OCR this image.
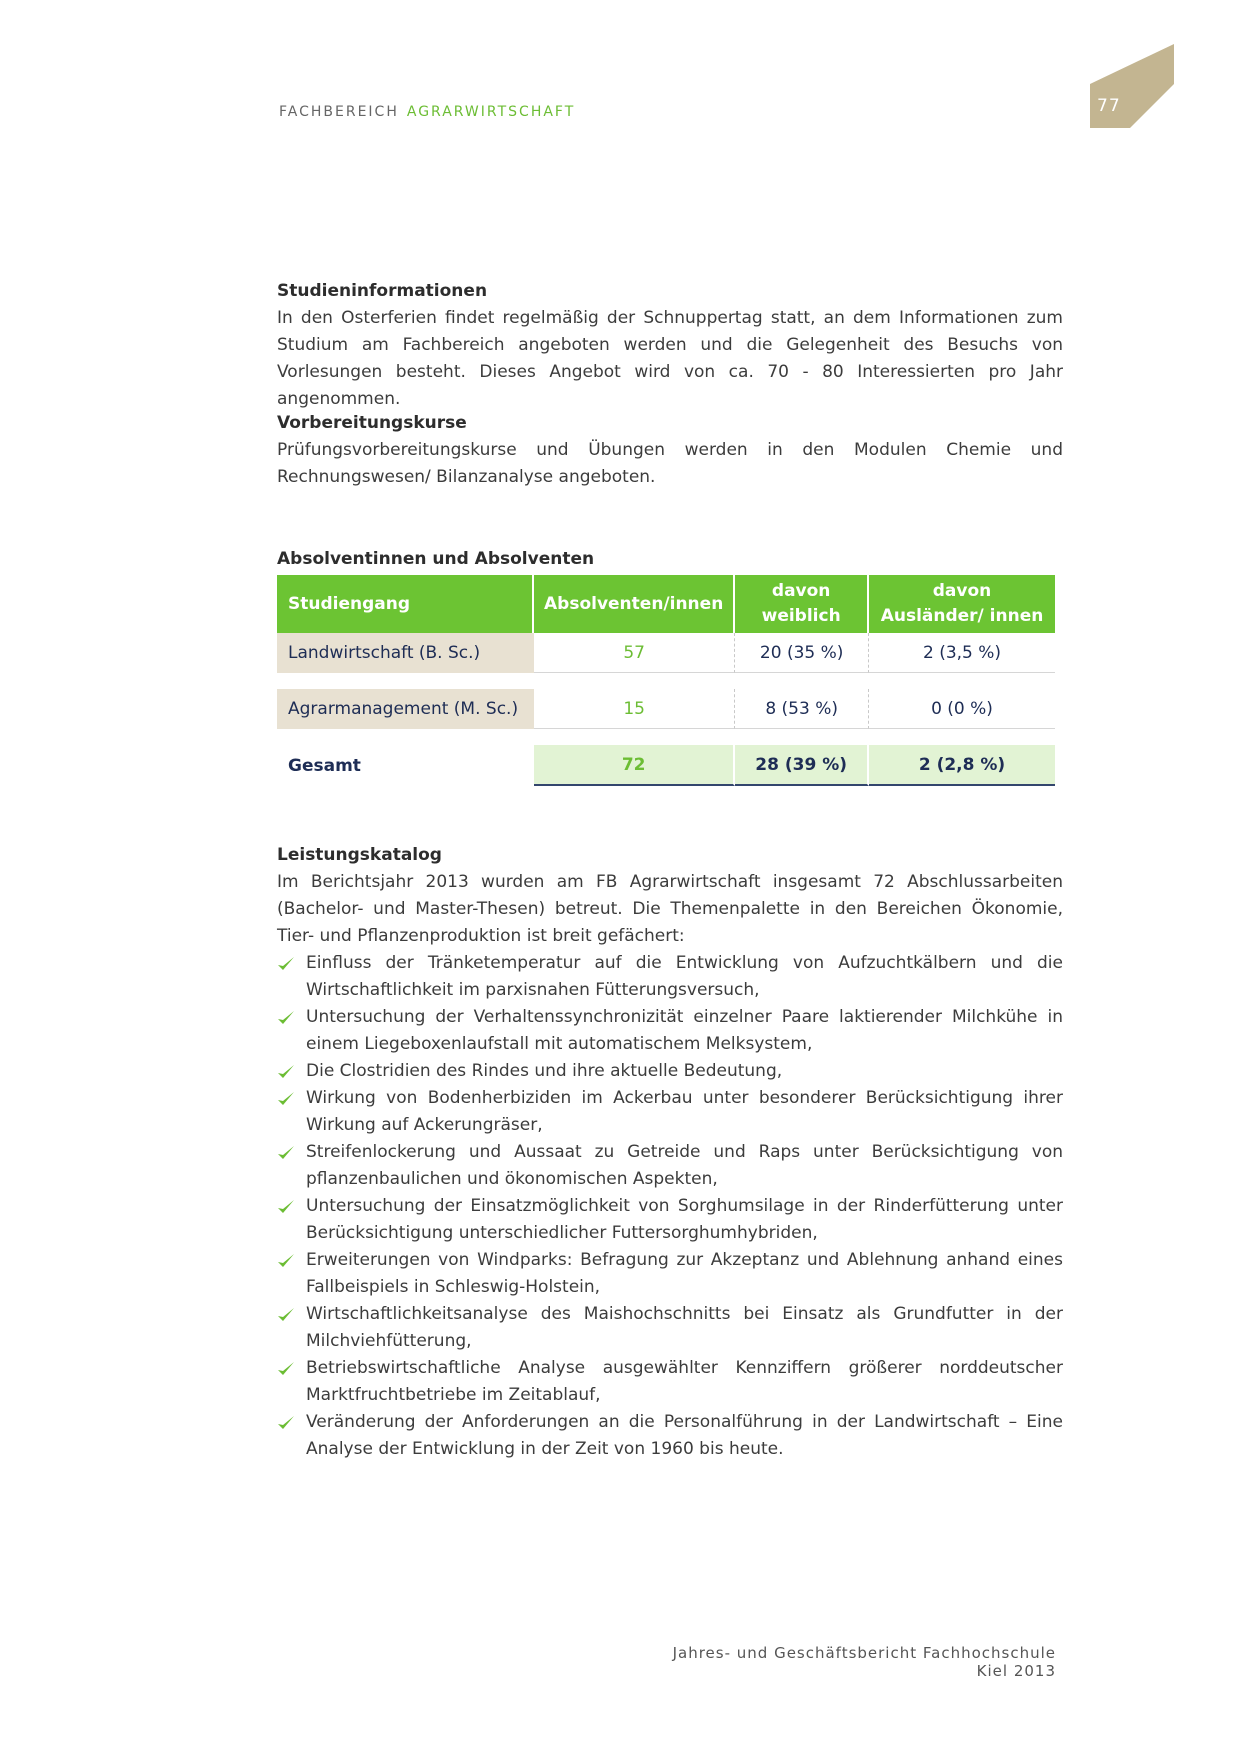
FACHBEREICH AGRARWIRTSCHAFT	77

Studieninformationen

In den Osterferien findet regelmäßig der Schnuppertag statt, an dem Informationen zum Studium am Fachbereich angeboten werden und die Gelegenheit des Besuchs von Vorlesungen besteht. Dieses Angebot wird von ca. 70 - 80 Interessierten pro Jahr angenommen.

Vorbereitungskurse

Prüfungsvorbereitungskurse und Übungen werden in den Modulen Chemie und Rechnungswesen/ Bilanzanalyse angeboten.

Absolventinnen und Absolventen

Studiengang	Absolventen/innen	davon weiblich	davon Ausländer/ innen
Landwirtschaft (B. Sc.)	57	20 (35 %)	2 (3,5 %)

Agrarmanagement (M. Sc.)	15	8 (53 %)	0 (0 %)

Gesamt	72	28 (39 %)	2 (2,8 %)

Leistungskatalog

Im Berichtsjahr 2013 wurden am FB Agrarwirtschaft insgesamt 72 Abschlussarbeiten (Bachelor- und Master-Thesen) betreut. Die Themenpalette in den Bereichen Ökonomie, Tier- und Pflanzenproduktion ist breit gefächert:

Einfluss der Tränketemperatur auf die Entwicklung von Aufzuchtkälbern und die Wirtschaftlichkeit im parxisnahen Fütterungsversuch,
Untersuchung der Verhaltenssynchronizität einzelner Paare laktierender Milchkühe in einem Liegeboxenlaufstall mit automatischem Melksystem,
Die Clostridien des Rindes und ihre aktuelle Bedeutung,
Wirkung von Bodenherbiziden im Ackerbau unter besonderer Berücksichtigung ihrer Wirkung auf Ackerungräser,
Streifenlockerung und Aussaat zu Getreide und Raps unter Berücksichtigung von pflanzenbaulichen und ökonomischen Aspekten,
Untersuchung der Einsatzmöglichkeit von Sorghumsilage in der Rinderfütterung unter Berücksichtigung unterschiedlicher Futtersorghumhybriden,
Erweiterungen von Windparks: Befragung zur Akzeptanz und Ablehnung anhand eines Fallbeispiels in Schleswig-Holstein,
Wirtschaftlichkeitsanalyse des Maishochschnitts bei Einsatz als Grundfutter in der Milchviehfütterung,
Betriebswirtschaftliche Analyse ausgewählter Kennziffern größerer norddeutscher Marktfruchtbetriebe im Zeitablauf,
Veränderung der Anforderungen an die Personalführung in der Landwirtschaft – Eine Analyse der Entwicklung in der Zeit von 1960 bis heute.
Jahres- und Geschäftsbericht Fachhochschule Kiel 2013
